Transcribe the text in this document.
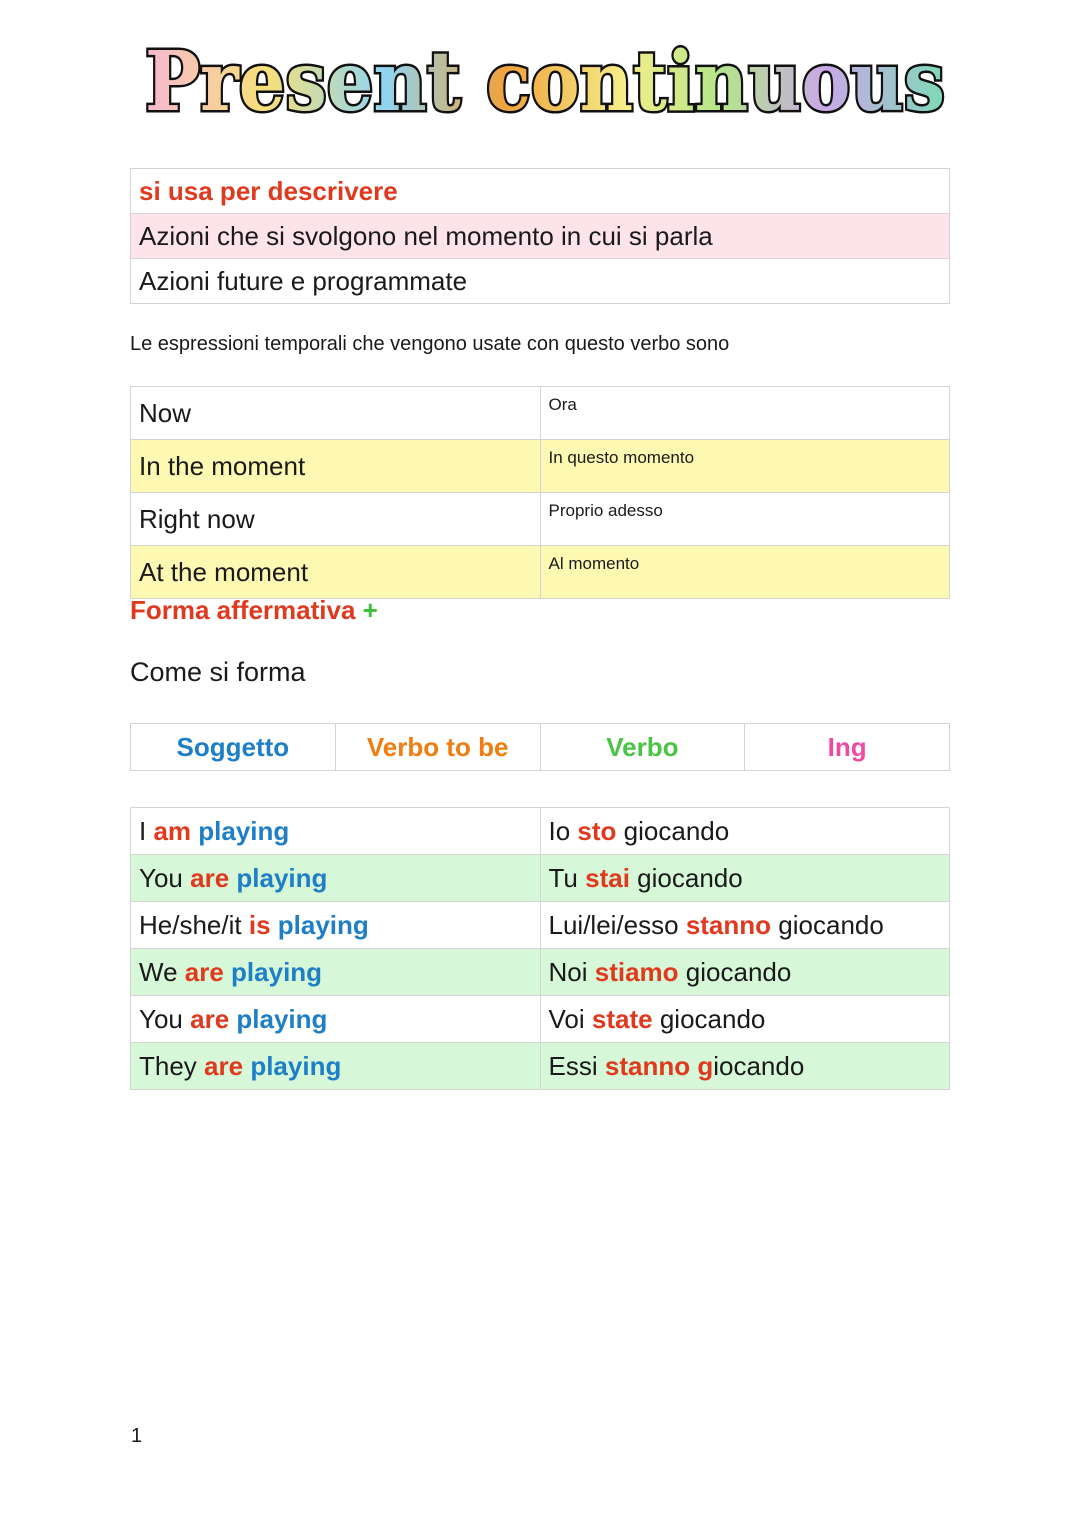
Present continuous
si usa per descrivere
Azioni che si svolgono nel momento in cui si parla
Azioni future e programmate
Le espressioni temporali che vengono usate con questo verbo sono
Now	Ora
In the moment	In questo momento
Right now	Proprio adesso
At the moment	Al momento
Forma affermativa +
Come si forma
Soggetto	Verbo to be	Verbo	Ing
I am playing	Io sto giocando
You are playing	Tu stai giocando
He/she/it is playing	Lui/lei/esso stanno giocando
We are playing	Noi stiamo giocando
You are playing	Voi state giocando
They are playing	Essi stanno giocando
1
